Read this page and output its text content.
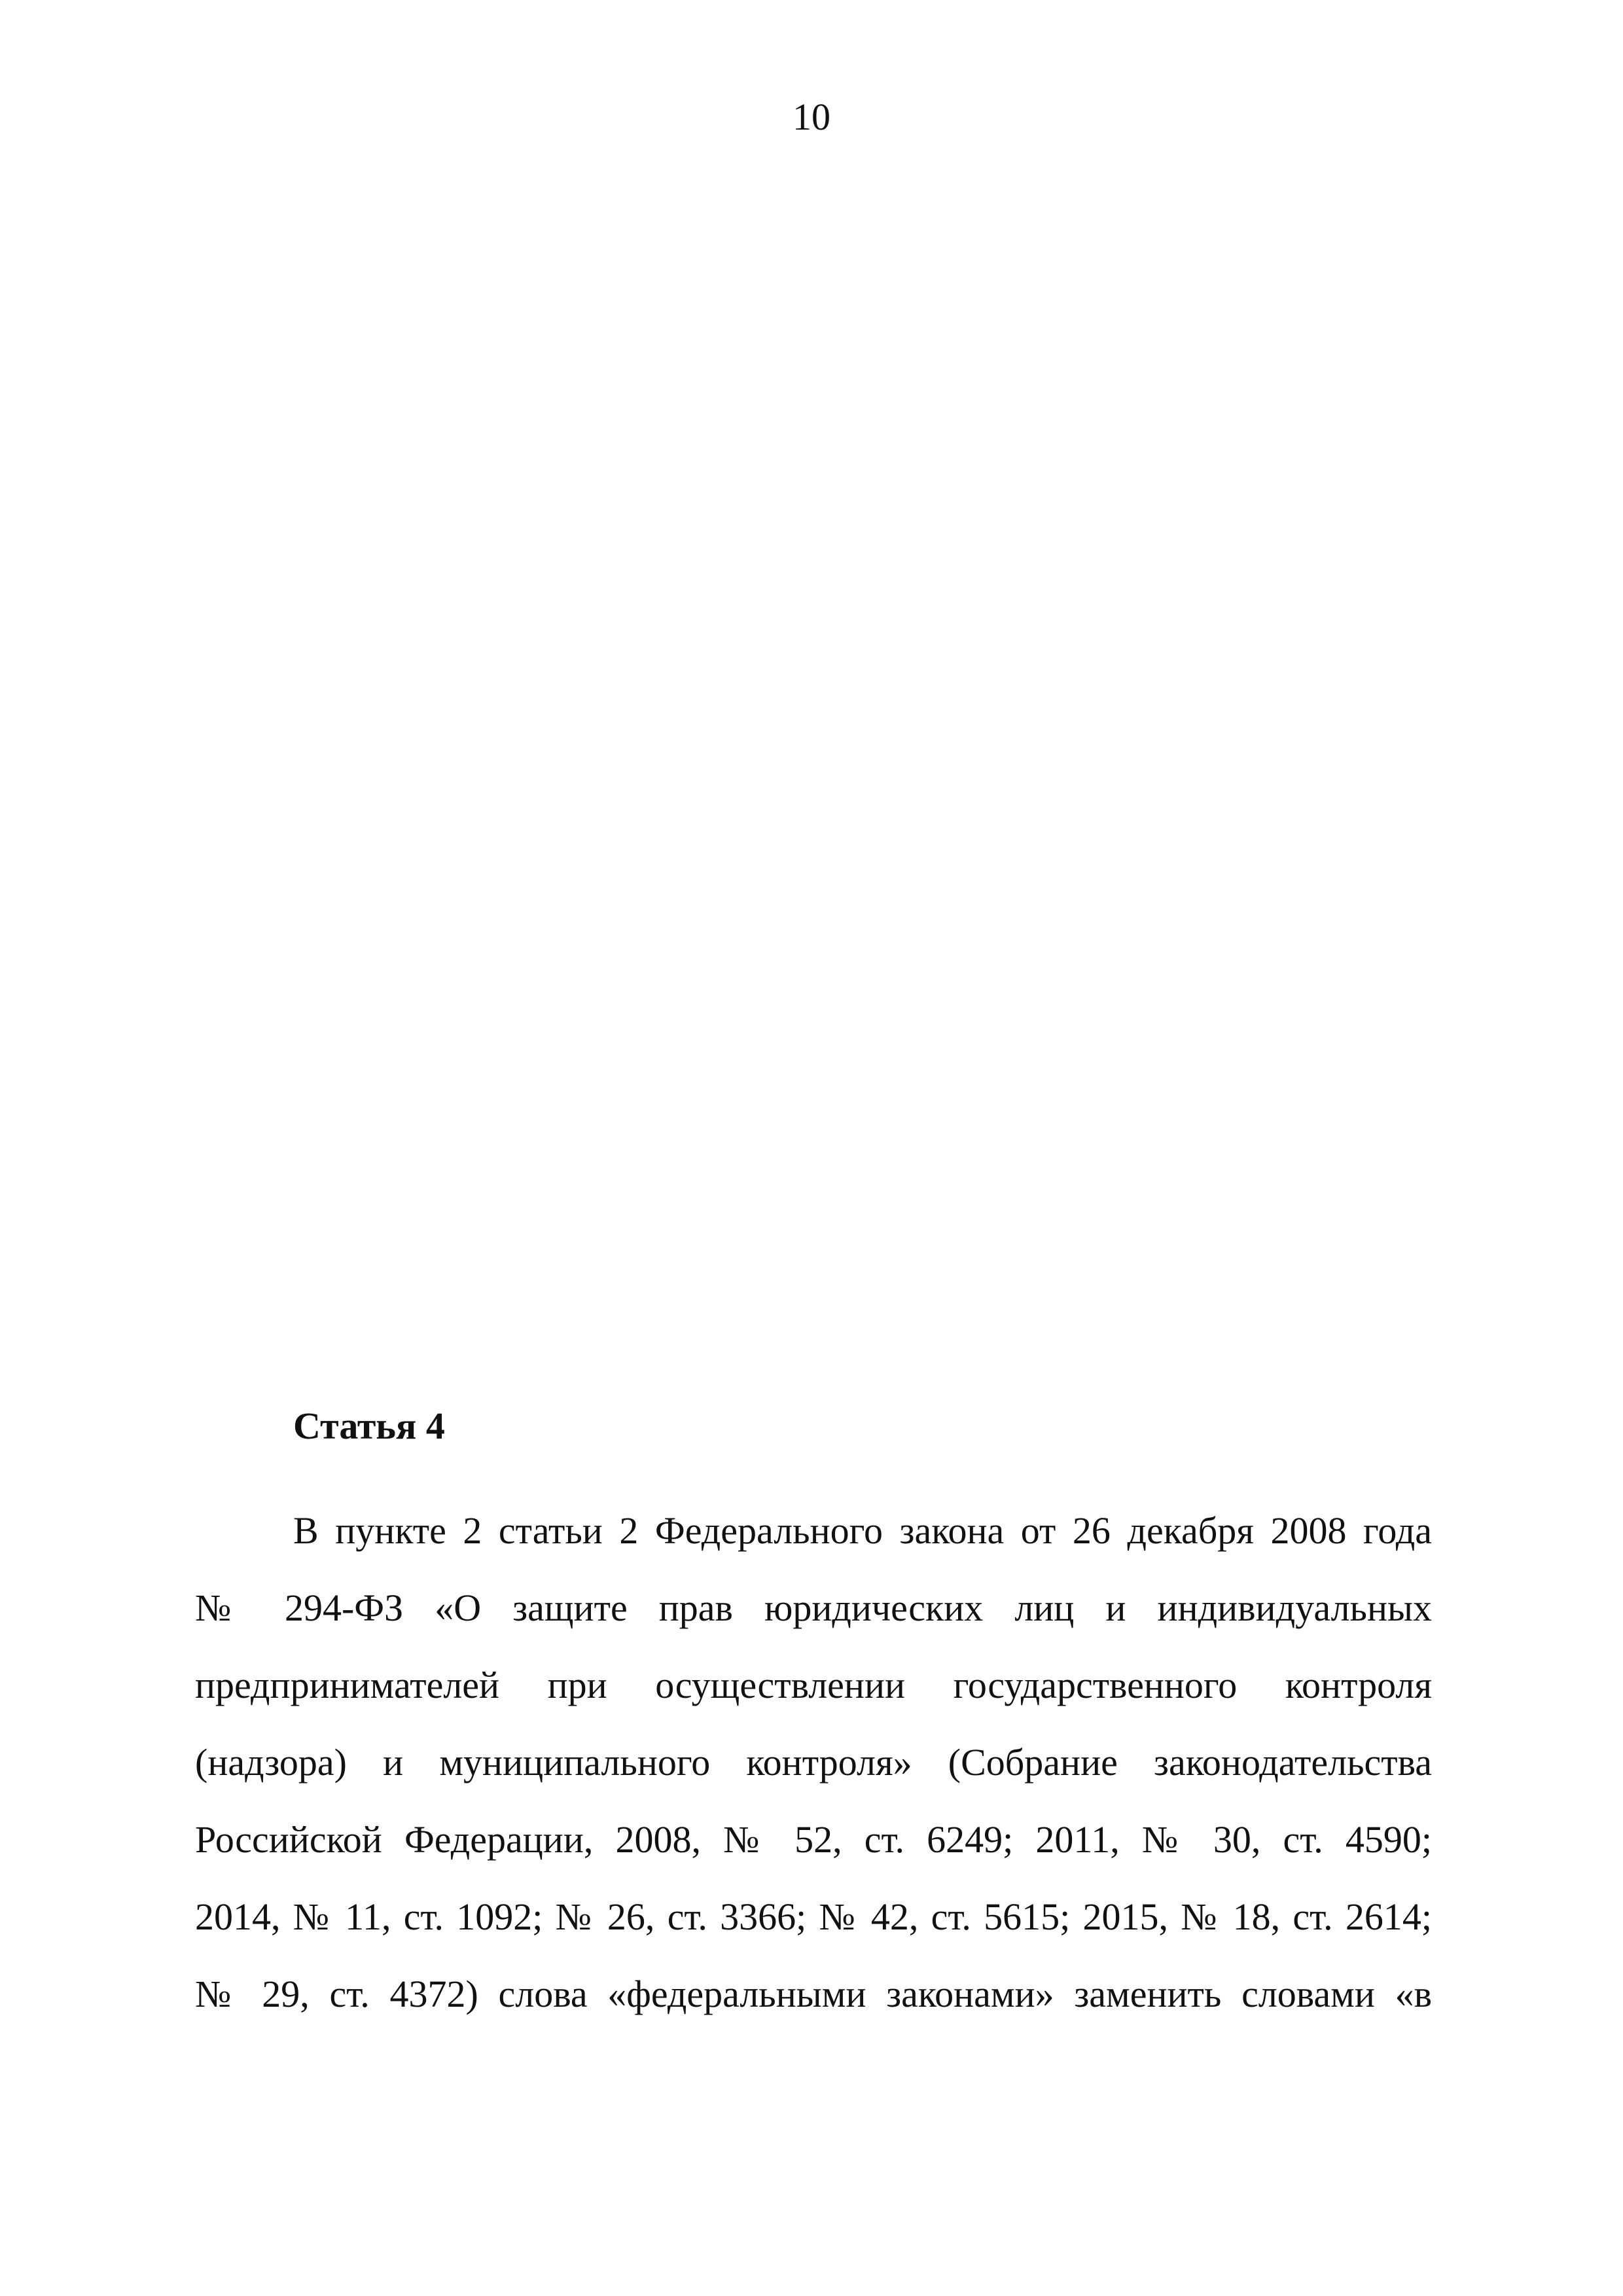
10
Статья 4
В пункте 2 статьи 2 Федерального закона от 26 декабря 2008 года
№ 294-ФЗ «О защите прав юридических лиц и индивидуальных
предпринимателей при осуществлении государственного контроля
(надзора) и муниципального контроля» (Собрание законодательства
Российской Федерации, 2008, № 52, ст. 6249; 2011, № 30, ст. 4590;
2014, № 11, ст. 1092; № 26, ст. 3366; № 42, ст. 5615; 2015, № 18, ст. 2614;
№ 29, ст. 4372) слова «федеральными законами» заменить словами «в
